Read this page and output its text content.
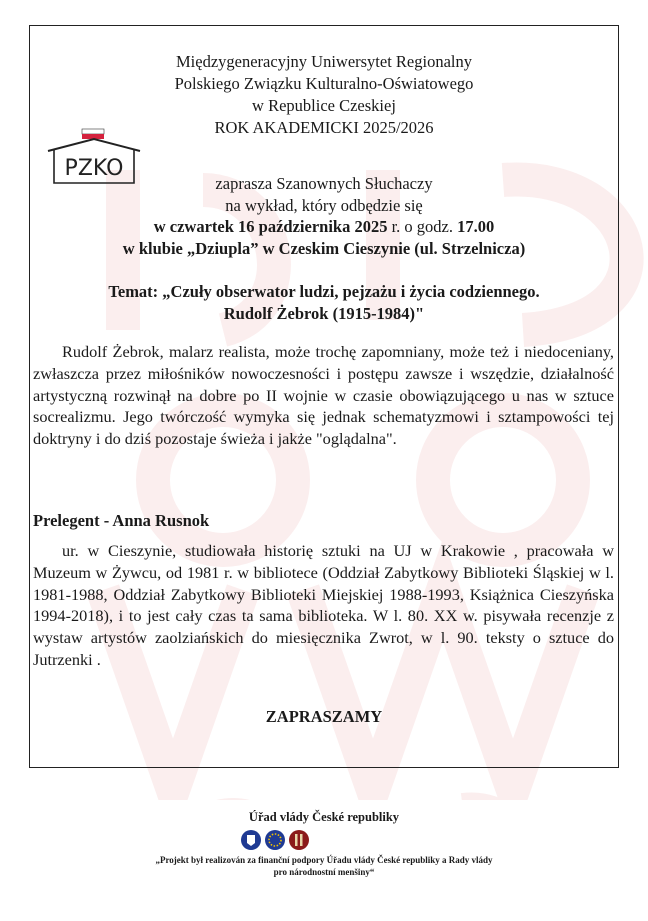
Międzygeneracyjny Uniwersytet Regionalny
Polskiego Związku Kulturalno-Oświatowego
w Republice Czeskiej
ROK AKADEMICKI 2025/2026
PZKO
zaprasza Szanownych Słuchaczy
na wykład, który odbędzie się
w czwartek 16 października 2025 r. o godz. 17.00
w klubie „Dziupla” w Czeskim Cieszynie (ul. Strzelnicza)
Temat: „Czuły obserwator ludzi, pejzażu i życia codziennego.
Rudolf Żebrok (1915-1984)"
Rudolf Żebrok, malarz realista, może trochę zapomniany, może też i niedoceniany, zwłaszcza przez miłośników nowoczesności i postępu zawsze i wszędzie, działalność artystyczną rozwinął na dobre po II wojnie w czasie obowiązującego u nas w sztuce socrealizmu. Jego twórczość wymyka się jednak schematyzmowi i sztampowości tej doktryny i do dziś pozostaje świeża i jakże "oglądalna".
Prelegent - Anna Rusnok
ur. w Cieszynie, studiowała historię sztuki na UJ w Krakowie , pracowała w Muzeum w Żywcu, od 1981 r. w bibliotece (Oddział Zabytkowy Biblioteki Śląskiej w l. 1981-1988, Oddział Zabytkowy Biblioteki Miejskiej 1988-1993, Książnica Cieszyńska 1994-2018), i to jest cały czas ta sama biblioteka. W l. 80. XX w. pisywała recenzje z wystaw artystów zaolziańskich do miesięcznika Zwrot, w l. 90. teksty o sztuce do Jutrzenki .
ZAPRASZAMY
Úřad vlády České republiky
„Projekt był realizován za finanční podpory Úřadu vlády České republiky a Rady vlády
pro národnostní menšiny“
